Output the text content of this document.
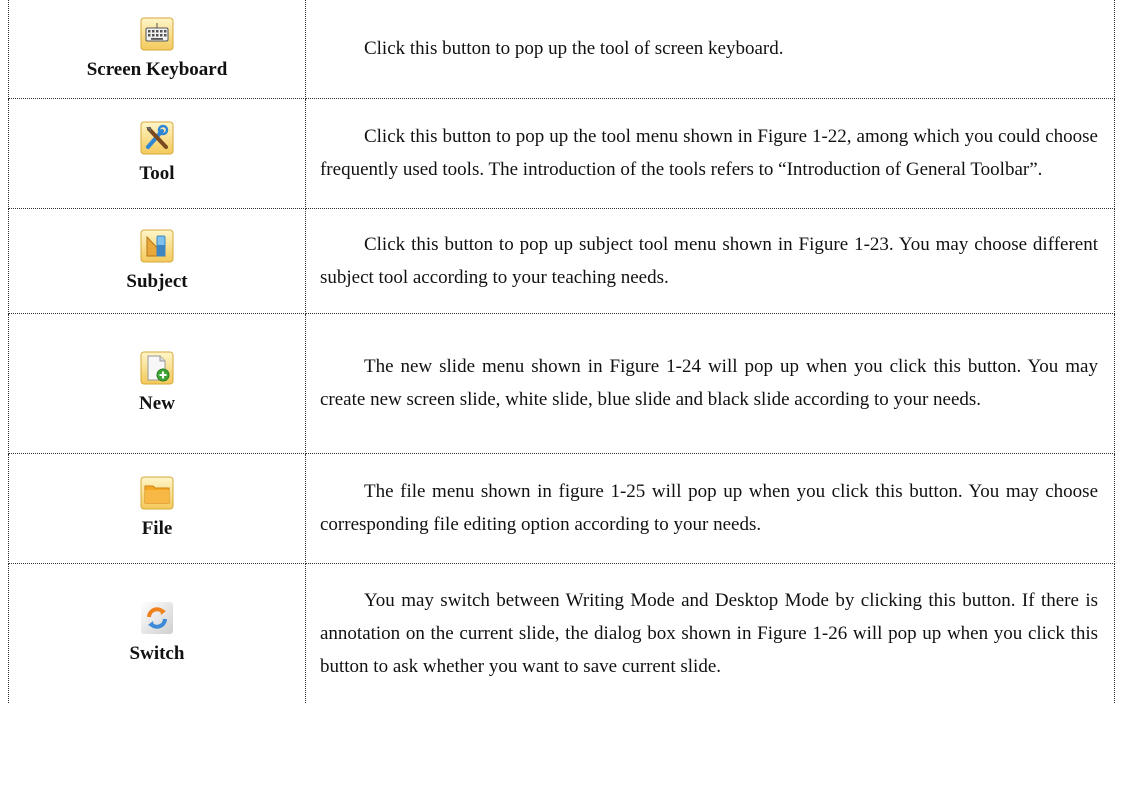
Screen Keyboard	Click this button to pop up the tool of screen keyboard.

Tool	Click this button to pop up the tool menu shown in Figure 1-22, among which you could choose frequently used tools. The introduction of the tools refers to “Introduction of General Toolbar”.

Subject	Click this button to pop up subject tool menu shown in Figure 1-23. You may choose different subject tool according to your teaching needs.

New	The new slide menu shown in Figure 1-24 will pop up when you click this button. You may create new screen slide, white slide, blue slide and black slide according to your needs.

File	The file menu shown in figure 1-25 will pop up when you click this button. You may choose corresponding file editing option according to your needs.

Switch	You may switch between Writing Mode and Desktop Mode by clicking this button. If there is annotation on the current slide, the dialog box shown in Figure 1-26 will pop up when you click this button to ask whether you want to save current slide.
